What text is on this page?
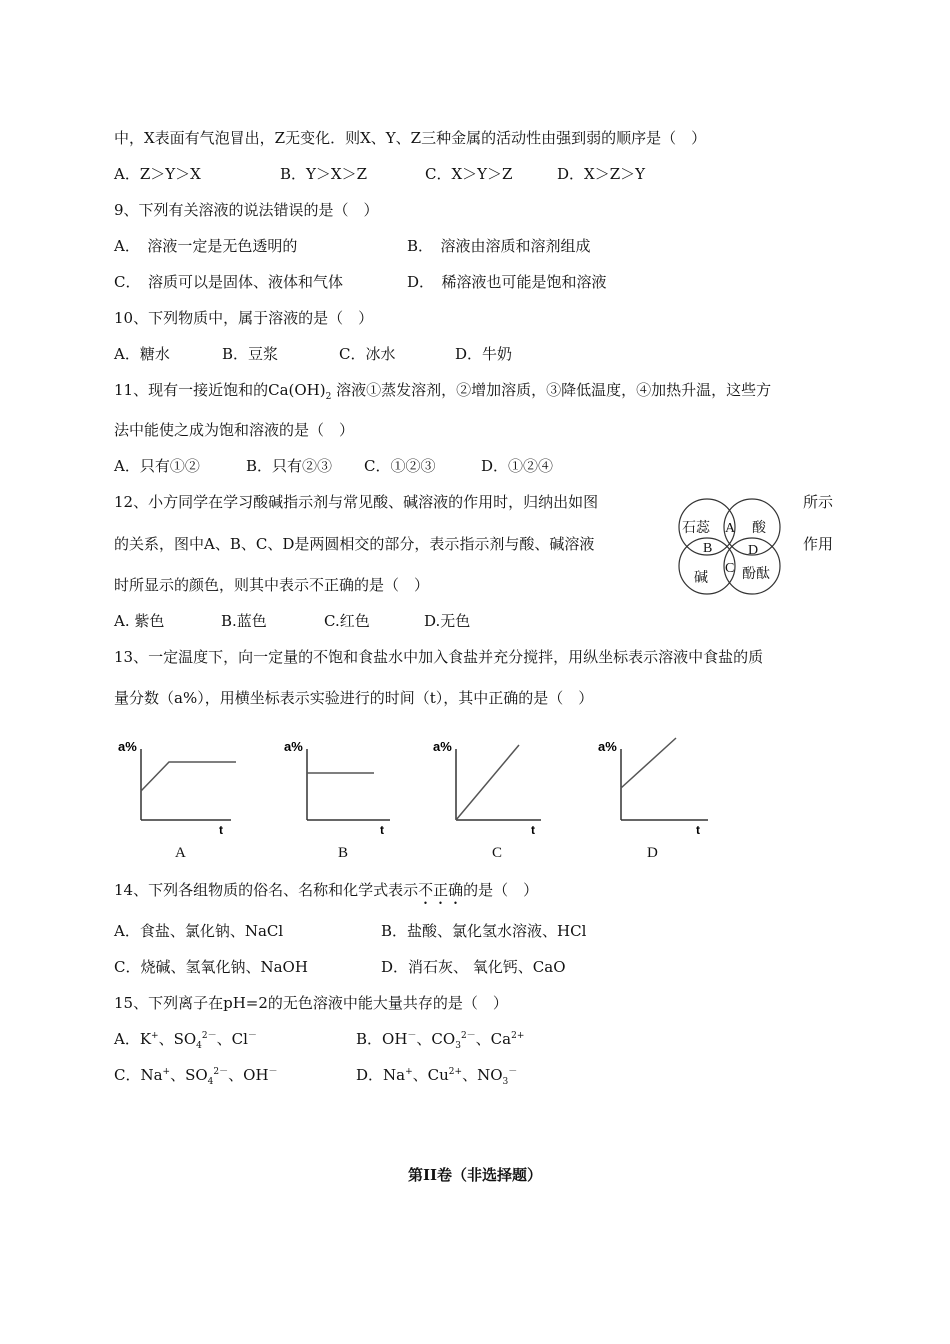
中，X表面有气泡冒出，Z无变化．则X、Y、Z三种金属的活动性由强到弱的顺序是（　）
A．Z＞Y＞X	B．Y＞X＞Z	C．X＞Y＞Z	D．X＞Z＞Y
9、下列有关溶液的说法错误的是（　）
A．　溶液一定是无色透明的	B．　溶液由溶质和溶剂组成
C．　溶质可以是固体、液体和气体	D．　稀溶液也可能是饱和溶液
10、下列物质中，属于溶液的是（　）
A．糖水	B．豆浆	C．冰水	D．牛奶
11、现有一接近饱和的$Ca(OH)_2$ 溶液①蒸发溶剂，②增加溶质，③降低温度，④加热升温，这些方
法中能使之成为饱和溶液的是（　）
A．只有①②	B．只有②③ C．①②③	D．①②④
12、小方同学在学习酸碱指示剂与常见酸、碱溶液的作用时，归纳出如图	所示
的关系，图中A、B、C、D是两圆相交的部分，表示指示剂与酸、碱溶液	作用
时所显示的颜色，则其中表示不正确的是（　）
石蕊	酸
碱 酚酞
A
B
C
D
A. 紫色	B.蓝色	C.红色	D.无色
13、一定温度下，向一定量的不饱和食盐水中加入食盐并充分搅拌，用纵坐标表示溶液中食盐的质
量分数（a%），用横坐标表示实验进行的时间（t），其中正确的是（　）
a%
t
A
a%
t
B
a%
t
C
a%
t
D
14、下列各组物质的俗名、名称和化学式表示不正确的是（　）
A．食盐、氯化钠、NaCl	B．盐酸、氯化氢水溶液、HCl
C．烧碱、氢氧化钠、NaOH	D．消石灰、 氧化钙、CaO
15、下列离子在pH=2的无色溶液中能大量共存的是（　）
A．K+、$SO_4^{2-}$、Cl－	B．OH－、$CO_3^{2-}$、$Ca^{2+}$
C．Na+、$SO_4^{2-}$、OH－	D．Na+、$Cu^{2+}$、$NO_3^-$
第II卷（非选择题）
